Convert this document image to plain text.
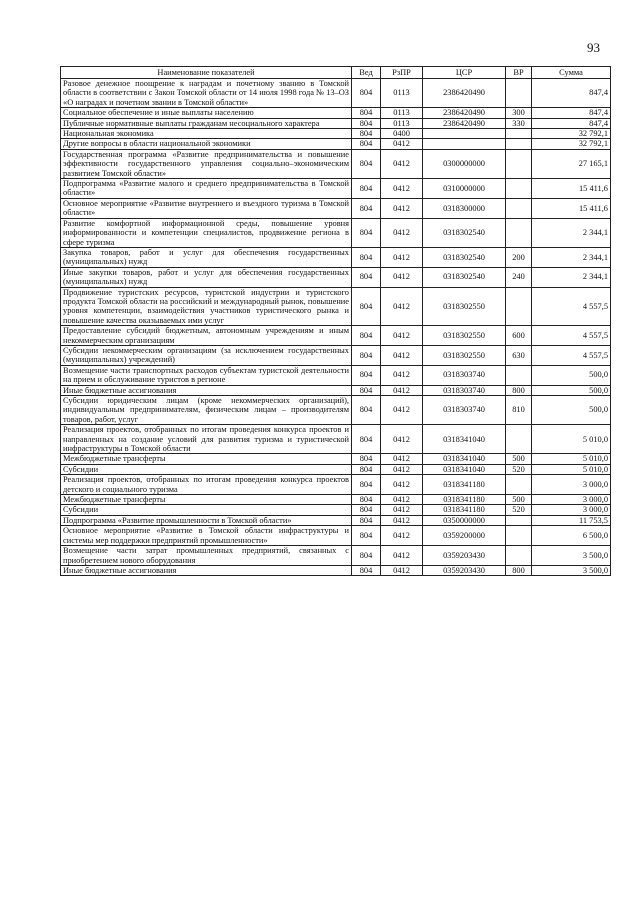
93
Наименование показателей	Вед	РзПР	ЦСР	ВР	Сумма
Разовое денежное поощрение к наградам и почетному званию в Томской области в соответствии с Закон Томской области от 14 июля 1998 года № 13–ОЗ «О наградах и почетном звании в Томской области»	804	0113	2386420490		847,4
Социальное обеспечение и иные выплаты населению	804	0113	2386420490	300	847,4
Публичные нормативные выплаты гражданам несоциального характера	804	0113	2386420490	330	847,4
Национальная экономика	804	0400			32 792,1
Другие вопросы в области национальной экономики	804	0412			32 792,1
Государственная программа «Развитие предпринимательства и повышение эффективности государственного управления социально–экономическим развитием Томской области»	804	0412	0300000000		27 165,1
Подпрограмма «Развитие малого и среднего предпринимательства в Томской области»	804	0412	0310000000		15 411,6
Основное мероприятие «Развитие внутреннего и въездного туризма в Томской области»	804	0412	0318300000		15 411,6
Развитие комфортной информационной среды, повышение уровня информированности и компетенции специалистов, продвижение региона в сфере туризма	804	0412	0318302540		2 344,1
Закупка товаров, работ и услуг для обеспечения государственных (муниципальных) нужд	804	0412	0318302540	200	2 344,1
Иные закупки товаров, работ и услуг для обеспечения государственных (муниципальных) нужд	804	0412	0318302540	240	2 344,1
Продвижение туристских ресурсов, туристской индустрии и туристского продукта Томской области на российский и международный рынок, повышение уровня компетенции, взаимодействия участников туристического рынка и повышение качества оказываемых ими услуг	804	0412	0318302550		4 557,5
Предоставление субсидий бюджетным, автономным учреждениям и иным некоммерческим организациям	804	0412	0318302550	600	4 557,5
Субсидии некоммерческим организациям (за исключением государственных (муниципальных) учреждений)	804	0412	0318302550	630	4 557,5
Возмещение части транспортных расходов субъектам туристской деятельности на прием и обслуживание туристов в регионе	804	0412	0318303740		500,0
Иные бюджетные ассигнования	804	0412	0318303740	800	500,0
Субсидии юридическим лицам (кроме некоммерческих организаций), индивидуальным предпринимателям, физическим лицам – производителям товаров, работ, услуг	804	0412	0318303740	810	500,0
Реализация проектов, отобранных по итогам проведения конкурса проектов и направленных на создание условий для развития туризма и туристической инфраструктуры в Томской области	804	0412	0318341040		5 010,0
Межбюджетные трансферты	804	0412	0318341040	500	5 010,0
Субсидии	804	0412	0318341040	520	5 010,0
Реализация проектов, отобранных по итогам проведения конкурса проектов детского и социального туризма	804	0412	0318341180		3 000,0
Межбюджетные трансферты	804	0412	0318341180	500	3 000,0
Субсидии	804	0412	0318341180	520	3 000,0
Подпрограмма «Развитие промышленности в Томской области»	804	0412	0350000000		11 753,5
Основное мероприятие «Развитие в Томской области инфраструктуры и системы мер поддержки предприятий промышленности»	804	0412	0359200000		6 500,0
Возмещение части затрат промышленных предприятий, связанных с приобретением нового оборудования	804	0412	0359203430		3 500,0
Иные бюджетные ассигнования	804	0412	0359203430	800	3 500,0
